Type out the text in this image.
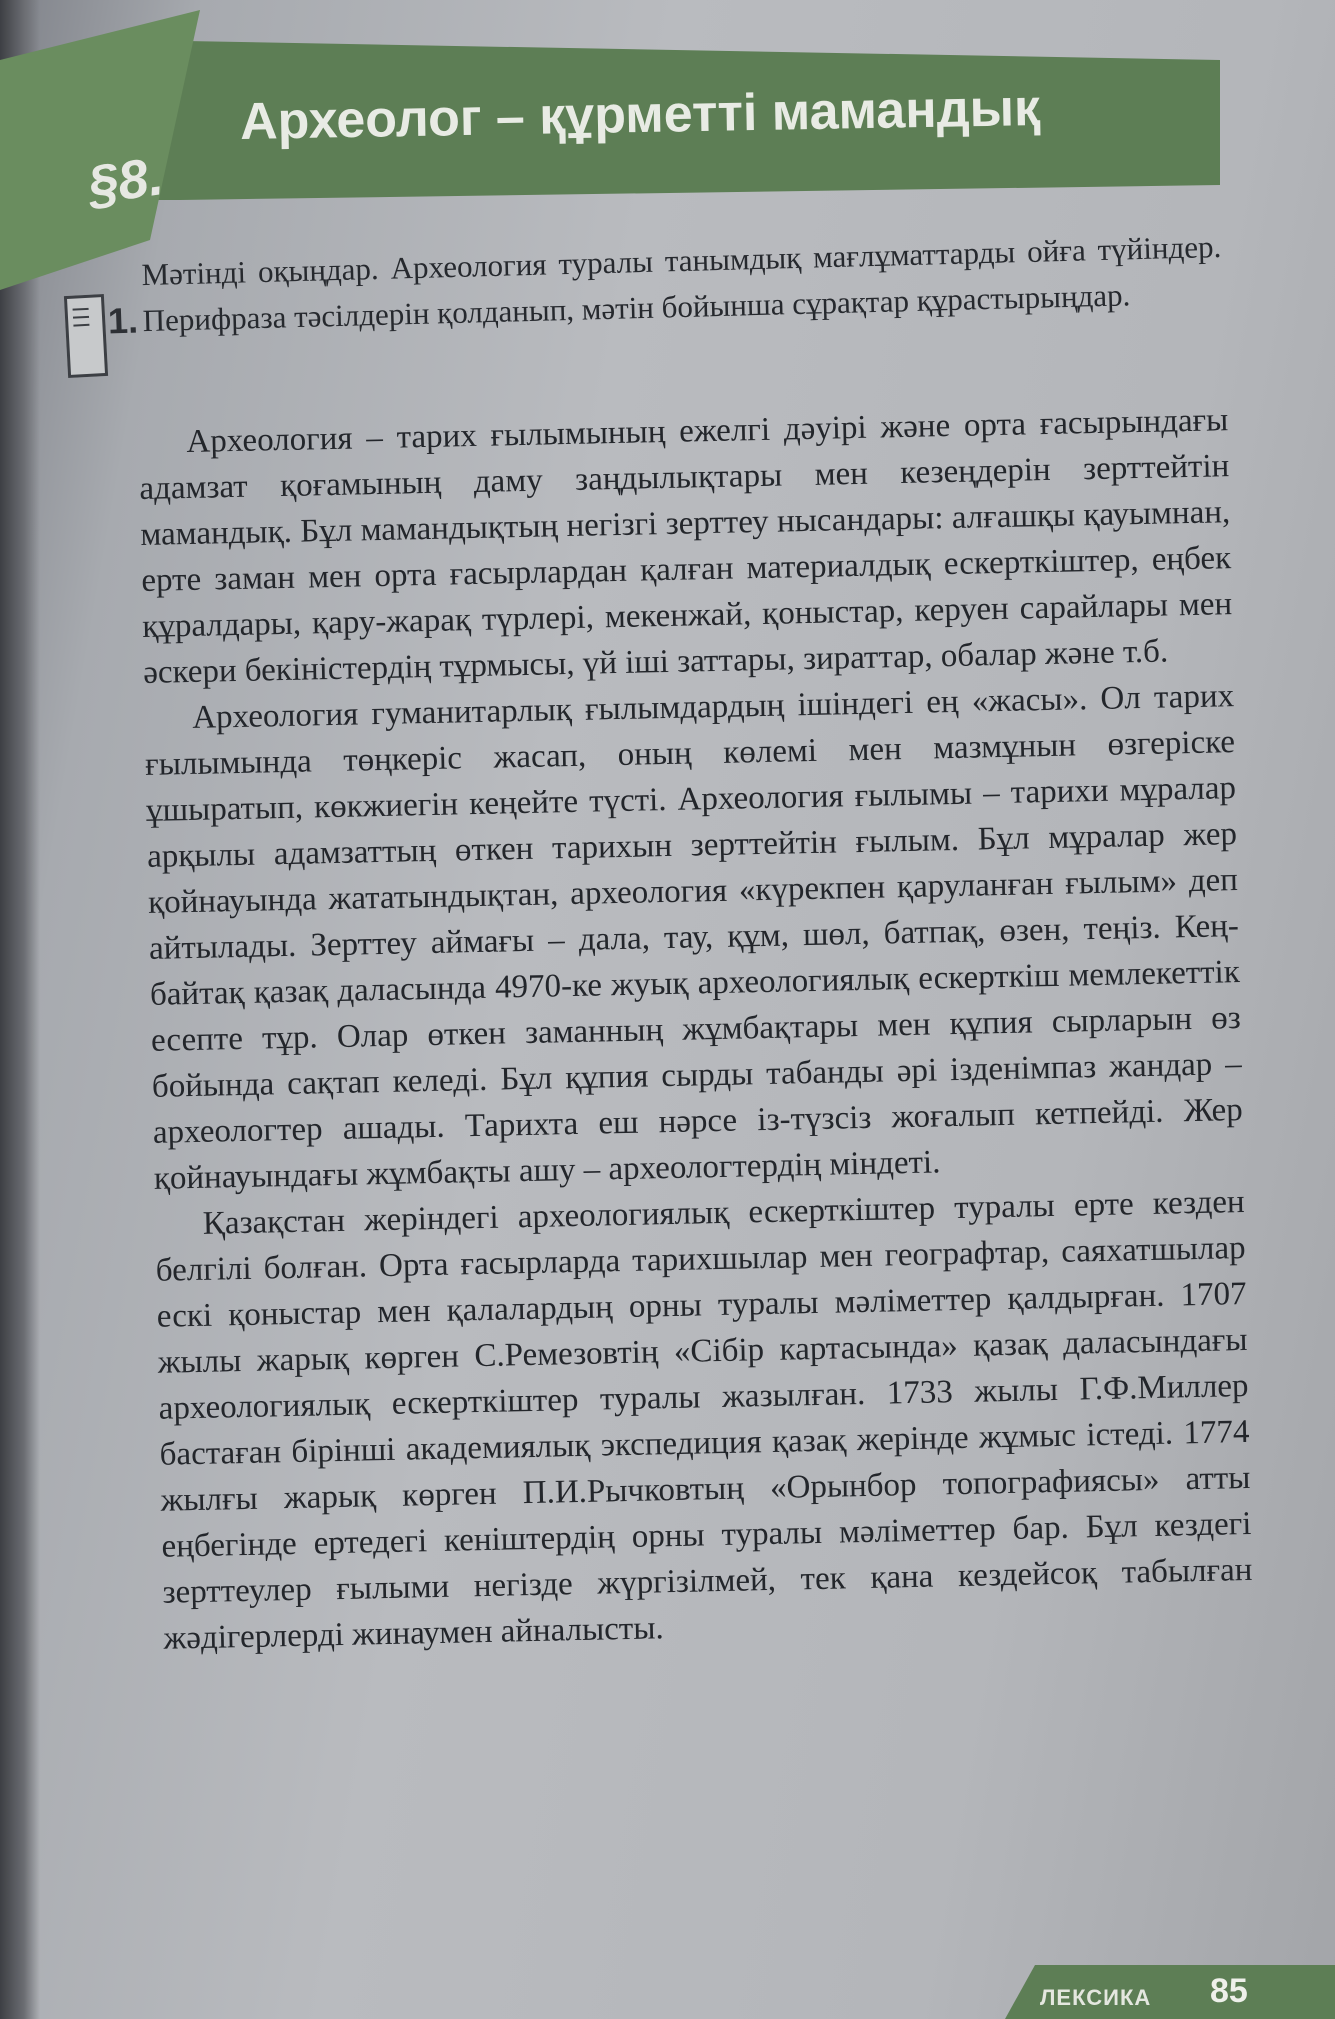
§8.
Археолог – құрметті мамандық
1.
Мәтінді оқыңдар. Археология туралы танымдық мағлұматтарды ойға түйіндер. Перифраза тәсілдерін қолданып, мәтін бойынша сұрақтар құрастырыңдар.

Археология – тарих ғылымының ежелгі дәуірі және орта ғасырындағы адамзат қоғамының даму заңдылықтары мен кезеңдерін зерттейтін мамандық. Бұл мамандықтың негізгі зерттеу нысандары: алғашқы қауымнан, ерте заман мен орта ғасырлардан қалған материалдық ескерткіштер, еңбек құралдары, қару-жарақ түрлері, мекенжай, қоныстар, керуен сарайлары мен әскери бекіністердің тұрмысы, үй іші заттары, зираттар, обалар және т.б.

Археология гуманитарлық ғылымдардың ішіндегі ең «жасы». Ол тарих ғылымында төңкеріс жасап, оның көлемі мен мазмұнын өзгеріске ұшыратып, көкжиегін кеңейте түсті. Археология ғылымы – тарихи мұралар арқылы адамзаттың өткен тарихын зерттейтін ғылым. Бұл мұралар жер қойнауында жататындықтан, археология «күрекпен қаруланған ғылым» деп айтылады. Зерттеу аймағы – дала, тау, құм, шөл, батпақ, өзен, теңіз. Кең-байтақ қазақ даласында 4970-ке жуық археологиялық ескерткіш мемлекеттік есепте тұр. Олар өткен заманның жұмбақтары мен құпия сырларын өз бойында сақтап келеді. Бұл құпия сырды табанды әрі ізденімпаз жандар – археологтер ашады. Тарихта еш нәрсе із-түзсіз жоғалып кетпейді. Жер қойнауындағы жұмбақты ашу – археологтердің міндеті.

Қазақстан жеріндегі археологиялық ескерткіштер туралы ерте кезден белгілі болған. Орта ғасырларда тарихшылар мен географтар, саяхатшылар ескі қоныстар мен қалалардың орны туралы мәліметтер қалдырған. 1707 жылы жарық көрген С.Ремезовтің «Сібір картасында» қазақ даласындағы археологиялық ескерткіштер туралы жазылған. 1733 жылы Г.Ф.Миллер бастаған бірінші академиялық экспедиция қазақ жерінде жұмыс істеді. 1774 жылғы жарық көрген П.И.Рычковтың «Орынбор топографиясы» атты еңбегінде ертедегі кеніштердің орны туралы мәліметтер бар. Бұл кездегі зерттеулер ғылыми негізде жүргізілмей, тек қана кездейсоқ табылған жәдігерлерді жинаумен айналысты.

ЛЕКСИКА 85
